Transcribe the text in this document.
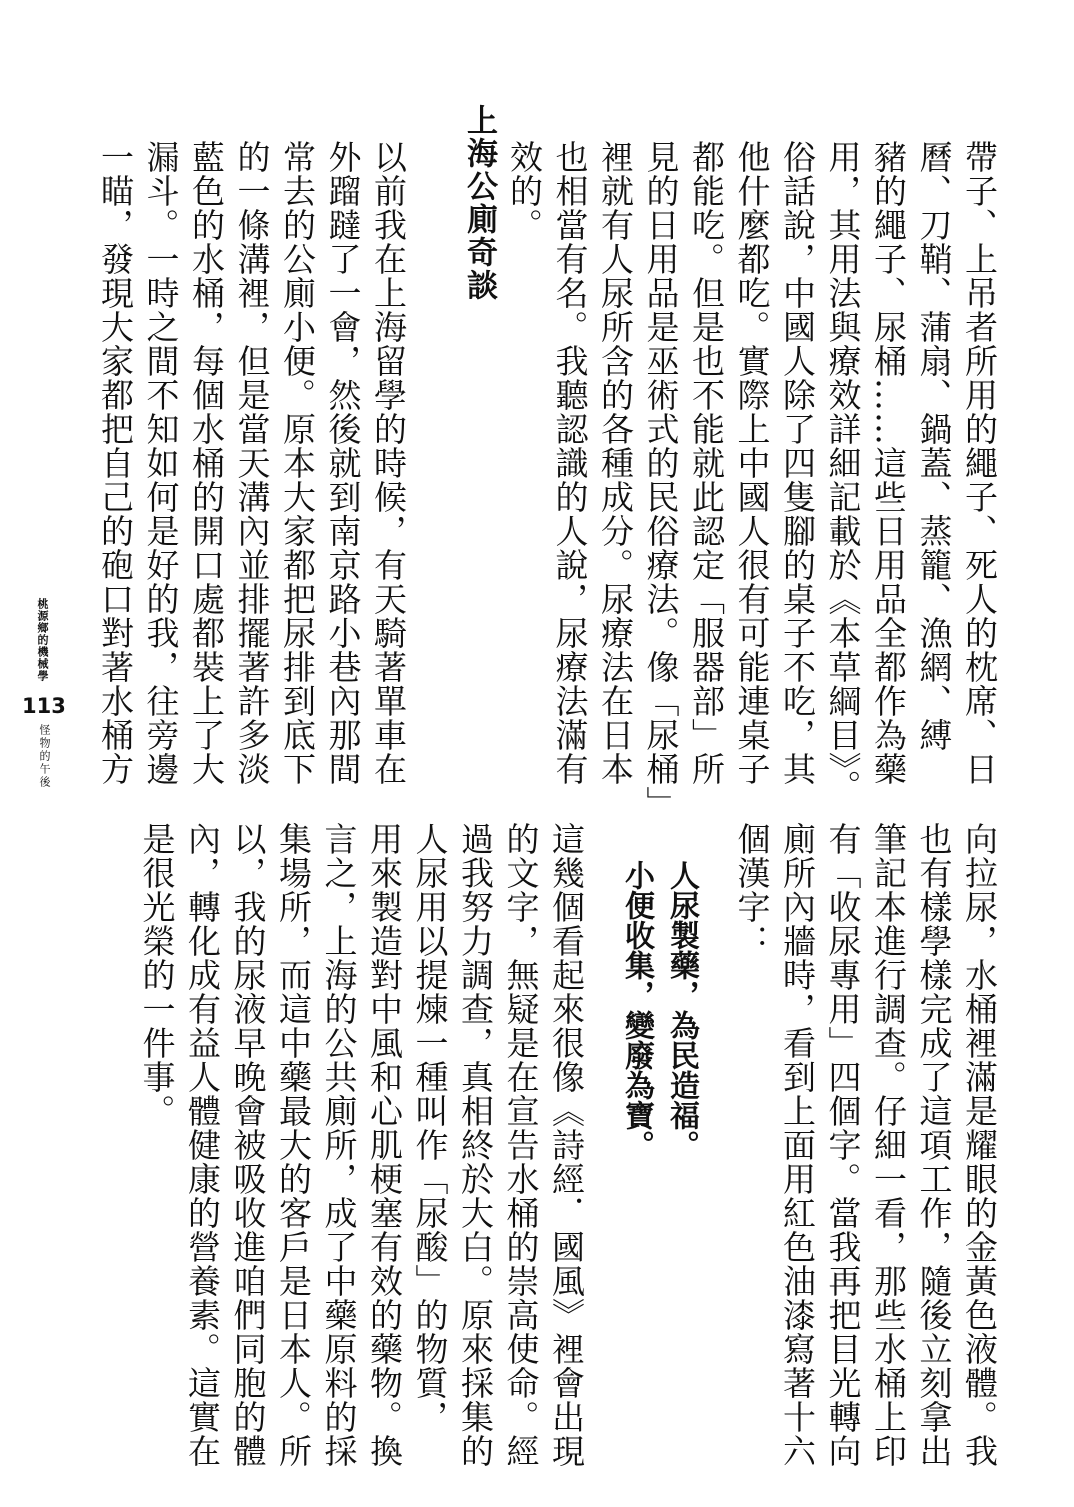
帶子、上吊者所用的繩子、死人的枕席、日

曆、刀鞘、蒲扇、鍋蓋、蒸籠、漁網、縛

豬的繩子、尿桶……這些日用品全都作為藥

用，其用法與療效詳細記載於《本草綱目》。

俗話說，中國人除了四隻腳的桌子不吃，其

他什麼都吃。實際上中國人很有可能連桌子

都能吃。但是也不能就此認定「服器部」所

見的日用品是巫術式的民俗療法。像「尿桶」

裡就有人尿所含的各種成分。尿療法在日本

也相當有名。我聽認識的人說，尿療法滿有

效的。

上海公廁奇談

以前我在上海留學的時候，有天騎著單車在

外蹓躂了一會，然後就到南京路小巷內那間

常去的公廁小便。原本大家都把尿排到底下

的一條溝裡，但是當天溝內並排擺著許多淡

藍色的水桶，每個水桶的開口處都裝上了大

漏斗。一時之間不知如何是好的我，往旁邊

一瞄，發現大家都把自己的砲口對著水桶方

桃源鄉的機械學
113
怪物的午後

向拉尿，水桶裡滿是耀眼的金黃色液體。我

也有樣學樣完成了這項工作，隨後立刻拿出

筆記本進行調查。仔細一看，那些水桶上印

有「收尿專用」四個字。當我再把目光轉向

廁所內牆時，看到上面用紅色油漆寫著十六

個漢字：

人尿製藥，為民造福。

小便收集，變廢為寶。

這幾個看起來很像《詩經．國風》裡會出現

的文字，無疑是在宣告水桶的崇高使命。經

過我努力調查，真相終於大白。原來採集的

人尿用以提煉一種叫作「尿酸」的物質，

用來製造對中風和心肌梗塞有效的藥物。換

言之，上海的公共廁所，成了中藥原料的採

集場所，而這中藥最大的客戶是日本人。所

以，我的尿液早晚會被吸收進咱們同胞的體

內，轉化成有益人體健康的營養素。這實在

是很光榮的一件事。
